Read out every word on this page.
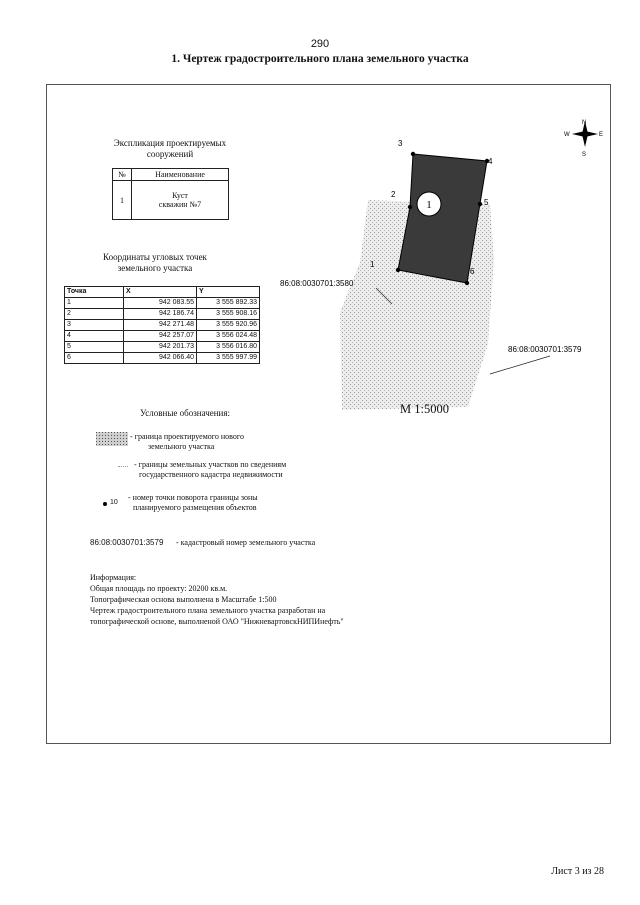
290
1. Чертеж градостроительного плана земельного участка
Экспликация проектируемых
сооружений
№	Наименование
1	Куст
скважин №7
Координаты угловых точек
земельного участка
Точка	X	Y
1	942 083.55	3 555 892.33
2	942 186.74	3 555 908.16
3	942 271.48	3 555 920.96
4	942 257.07	3 556 024.48
5	942 201.73	3 556 016.80
6	942 066.40	3 555 997.99
1
1
2
3
4
5
6
86:08:0030701:3580
86:08:0030701:3579
N
S
W	E
М 1:5000
Условные обозначения:
- граница проектируемого нового
земельного участка
- границы земельных участков по сведениям
государственного кадастра недвижимости
10
- номер точки поворота границы зоны
планируемого размещения объектов
86:08:0030701:3579 - кадастровый номер земельного участка
Информация:
Общая площадь по проекту: 20200 кв.м.
Топографическая основа выполнена в Масштабе 1:500
Чертеж градостроительного плана земельного участка разработан на
топографической основе, выполненой ОАО "НижневартовскНИПИнефть"
Лист 3 из 28
